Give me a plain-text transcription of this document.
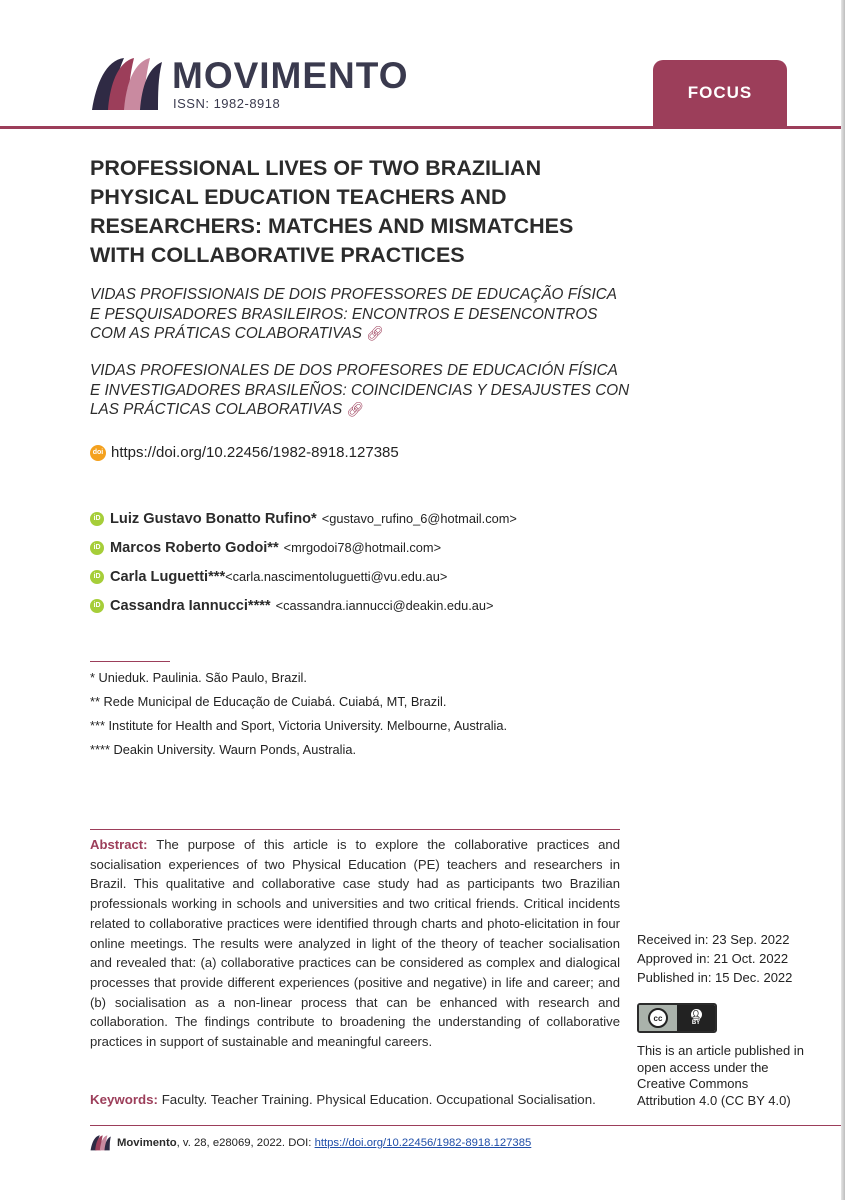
MOVIMENTO
ISSN: 1982-8918
FOCUS
PROFESSIONAL LIVES OF TWO BRAZILIAN PHYSICAL EDUCATION TEACHERS AND RESEARCHERS: MATCHES AND MISMATCHES WITH COLLABORATIVE PRACTICES

VIDAS PROFISSIONAIS DE DOIS PROFESSORES DE EDUCAÇÃO FÍSICA E PESQUISADORES BRASILEIROS: ENCONTROS E DESENCONTROS COM AS PRÁTICAS COLABORATIVAS 🔗︎

VIDAS PROFESIONALES DE DOS PROFESORES DE EDUCACIÓN FÍSICA E INVESTIGADORES BRASILEÑOS: COINCIDENCIAS Y DESAJUSTES CON LAS PRÁCTICAS COLABORATIVAS 🔗︎

doi https://doi.org/10.22456/1982-8918.127385
iD Luiz Gustavo Bonatto Rufino* <gustavo_rufino_6@hotmail.com>
iD Marcos Roberto Godoi** <mrgodoi78@hotmail.com>
iD Carla Luguetti*** <carla.nascimentoluguetti@vu.edu.au>
iD Cassandra Iannucci**** <cassandra.iannucci@deakin.edu.au>
* Unieduk. Paulinia. São Paulo, Brazil.
** Rede Municipal de Educação de Cuiabá. Cuiabá, MT, Brazil.
*** Institute for Health and Sport, Victoria University. Melbourne, Australia.
**** Deakin University. Waurn Ponds, Australia.

Abstract: The purpose of this article is to explore the collaborative practices and socialisation experiences of two Physical Education (PE) teachers and researchers in Brazil. This qualitative and collaborative case study had as participants two Brazilian professionals working in schools and universities and two critical friends. Critical incidents related to collaborative practices were identified through charts and photo-elicitation in four online meetings. The results were analyzed in light of the theory of teacher socialisation and revealed that: (a) collaborative practices can be considered as complex and dialogical processes that provide different experiences (positive and negative) in life and career; and (b) socialisation as a non-linear process that can be enhanced with research and collaboration. The findings contribute to broadening the understanding of collaborative practices in support of sustainable and meaningful careers.

Keywords: Faculty. Teacher Training. Physical Education. Occupational Socialisation.

Received in: 23 Sep. 2022
Approved in: 21 Oct. 2022
Published in: 15 Dec. 2022
cc	👤︎
BY

This is an article published in open access under the Creative Commons Attribution 4.0 (CC BY 4.0)

Movimento, v. 28, e28069, 2022. DOI: https://doi.org/10.22456/1982-8918.127385
